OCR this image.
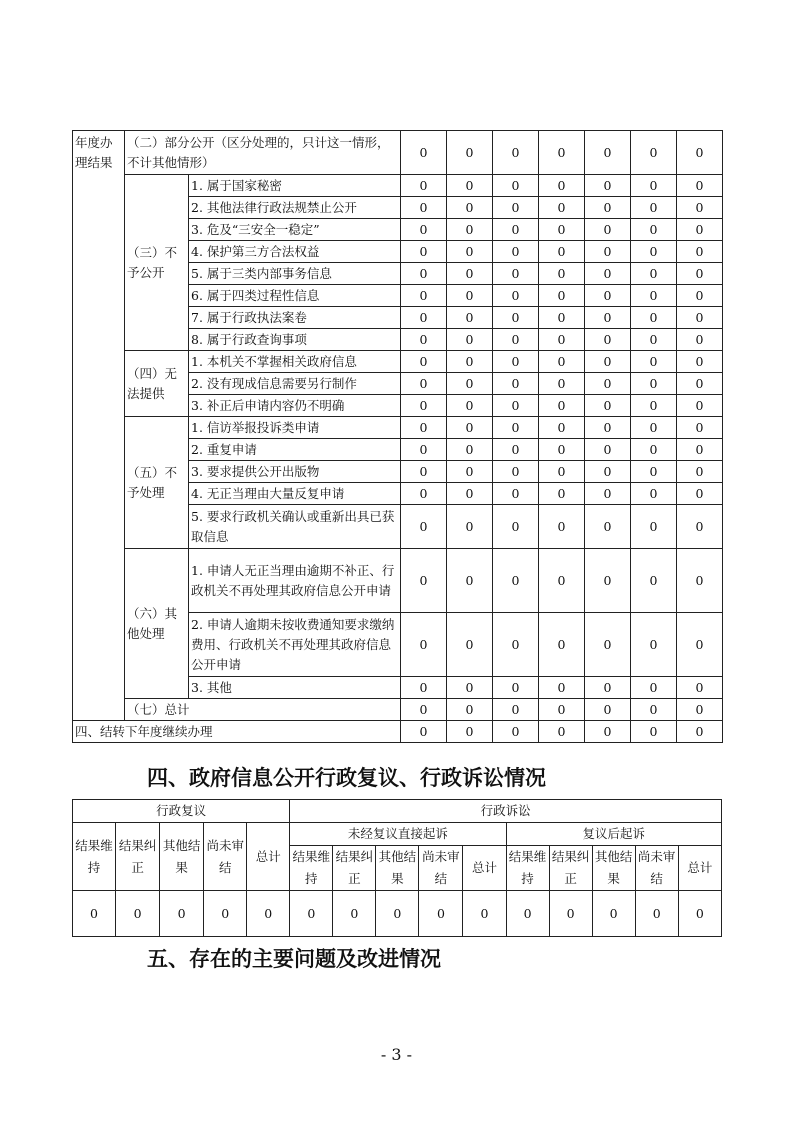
年度办理结果	（二）部分公开（区分处理的，只计这一情形，不计其他情形）		0	0	0	0	0	0	0
	（三）不予公开	1. 属于国家秘密	0	0	0	0	0	0	0
		2. 其他法律行政法规禁止公开	0	0	0	0	0	0	0
		3. 危及“三安全一稳定”	0	0	0	0	0	0	0
		4. 保护第三方合法权益	0	0	0	0	0	0	0
		5. 属于三类内部事务信息	0	0	0	0	0	0	0
		6. 属于四类过程性信息	0	0	0	0	0	0	0
		7. 属于行政执法案卷	0	0	0	0	0	0	0
		8. 属于行政查询事项	0	0	0	0	0	0	0
	（四）无法提供	1. 本机关不掌握相关政府信息	0	0	0	0	0	0	0
		2. 没有现成信息需要另行制作	0	0	0	0	0	0	0
		3. 补正后申请内容仍不明确	0	0	0	0	0	0	0
	（五）不予处理	1. 信访举报投诉类申请	0	0	0	0	0	0	0
		2. 重复申请	0	0	0	0	0	0	0
		3. 要求提供公开出版物	0	0	0	0	0	0	0
		4. 无正当理由大量反复申请	0	0	0	0	0	0	0
		5. 要求行政机关确认或重新出具已获取信息	0	0	0	0	0	0	0
	（六）其他处理	1. 申请人无正当理由逾期不补正、行政机关不再处理其政府信息公开申请	0	0	0	0	0	0	0
		2. 申请人逾期未按收费通知要求缴纳费用、行政机关不再处理其政府信息公开申请	0	0	0	0	0	0	0
		3. 其他	0	0	0	0	0	0	0
	（七）总计		0	0	0	0	0	0	0
四、结转下年度继续办理			0	0	0	0	0	0	0
四、政府信息公开行政复议、行政诉讼情况
行政复议					行政诉讼									
结果维持	结果纠正	其他结果	尚未审结	总计	未经复议直接起诉					复议后起诉				
					结果维持	结果纠正	其他结果	尚未审结	总计	结果维持	结果纠正	其他结果	尚未审结	总计
0	0	0	0	0	0	0	0	0	0	0	0	0	0	0
五、存在的主要问题及改进情况
- 3 -
